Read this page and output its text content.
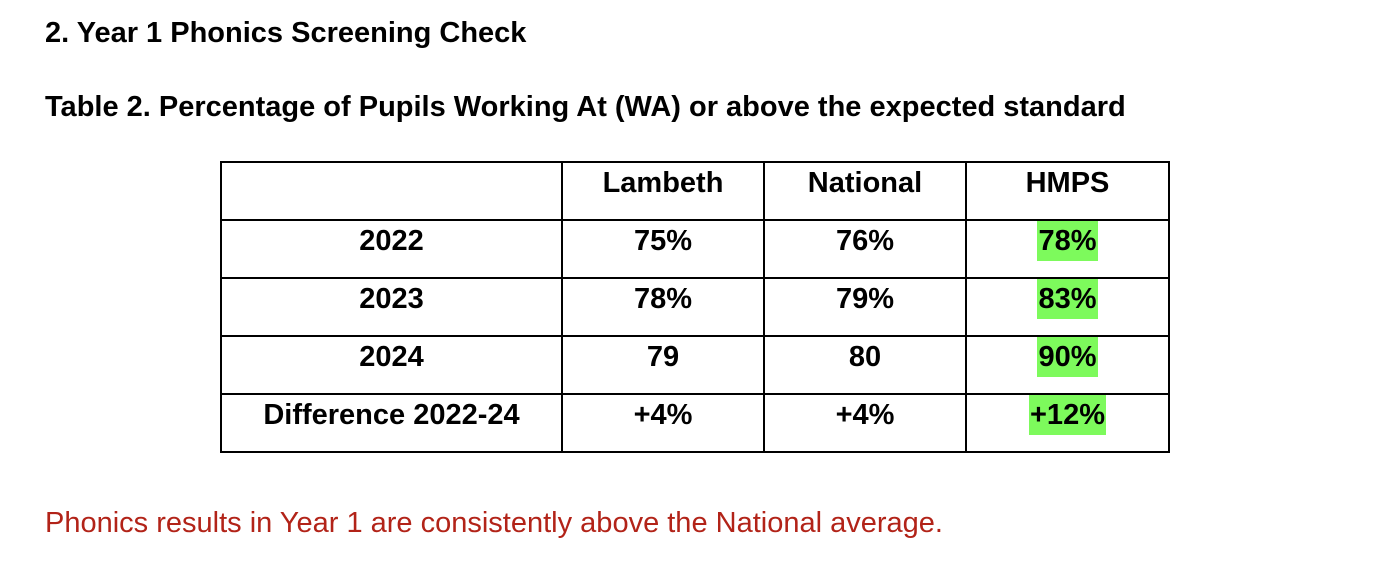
2. Year 1 Phonics Screening Check
Table 2. Percentage of Pupils Working At (WA) or above the expected standard
	Lambeth	National	HMPS
2022	75%	76%	78%
2023	78%	79%	83%
2024	79	80	90%
Difference 2022-24	+4%	+4%	+12%

Phonics results in Year 1 are consistently above the National average.
